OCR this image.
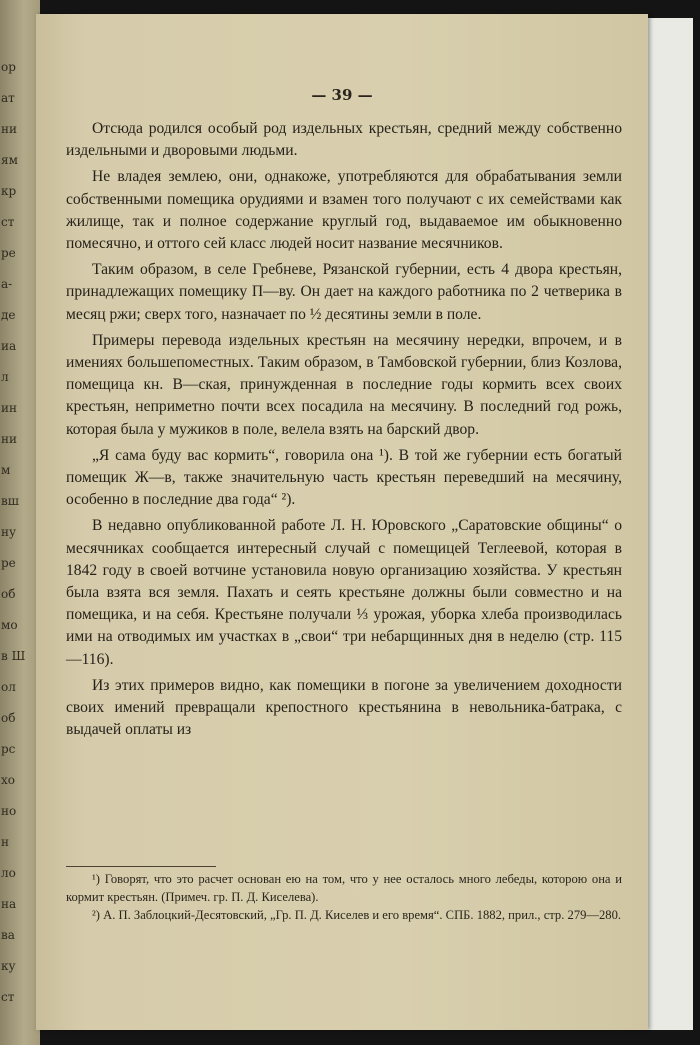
ор
ат
ни
ям
кр
ст
ре
а-
де
иа
л
ин
ни
м
вш
ну
ре
об
мо
в Ш
ол
об
рс
хо
но
н
ло
на
ва
ку
ст
— 39 —

Отсюда родился особый род издельных крестьян, средний между собственно издельными и дворовыми людьми.

Не владея землею, они, однакоже, употребляются для обрабатывания земли собственными помещика орудиями и взамен того получают с их семействами как жилище, так и полное содержание круглый год, выдаваемое им обыкновенно помесячно, и оттого сей класс людей носит название месячников.

Таким образом, в селе Гребневе, Рязанской губернии, есть 4 двора крестьян, принадлежащих помещику П—ву. Он дает на каждого работника по 2 четверика в месяц ржи; сверх того, назначает по ½ десятины земли в поле.

Примеры перевода издельных крестьян на месячину нередки, впрочем, и в имениях большепоместных. Таким образом, в Тамбовской губернии, близ Козлова, помещица кн. В—ская, принужденная в последние годы кормить всех своих крестьян, неприметно почти всех посадила на месячину. В последний год рожь, которая была у мужиков в поле, велела взять на барский двор.

„Я сама буду вас кормить“, говорила она ¹). В той же губернии есть богатый помещик Ж—в, также значительную часть крестьян переведший на месячину, особенно в последние два года“ ²).

В недавно опубликованной работе Л. Н. Юровского „Саратовские общины“ о месячниках сообщается интересный случай с помещицей Теглеевой, которая в 1842 году в своей вотчине установила новую организацию хозяйства. У крестьян была взята вся земля. Пахать и сеять крестьяне должны были совместно и на помещика, и на себя. Крестьяне получали ⅓ урожая, уборка хлеба производилась ими на отводимых им участках в „свои“ три небарщинных дня в неделю (стр. 115—116).

Из этих примеров видно, как помещики в погоне за увеличением доходности своих имений превращали крепостного крестьянина в невольника-батрака, с выдачей оплаты из

¹) Говорят, что это расчет основан ею на том, что у нее осталось много лебеды, которою она и кормит крестьян. (Примеч. гр. П. Д. Киселева).

²) А. П. Заблоцкий-Десятовский, „Гр. П. Д. Киселев и его время“. СПБ. 1882, прил., стр. 279—280.
